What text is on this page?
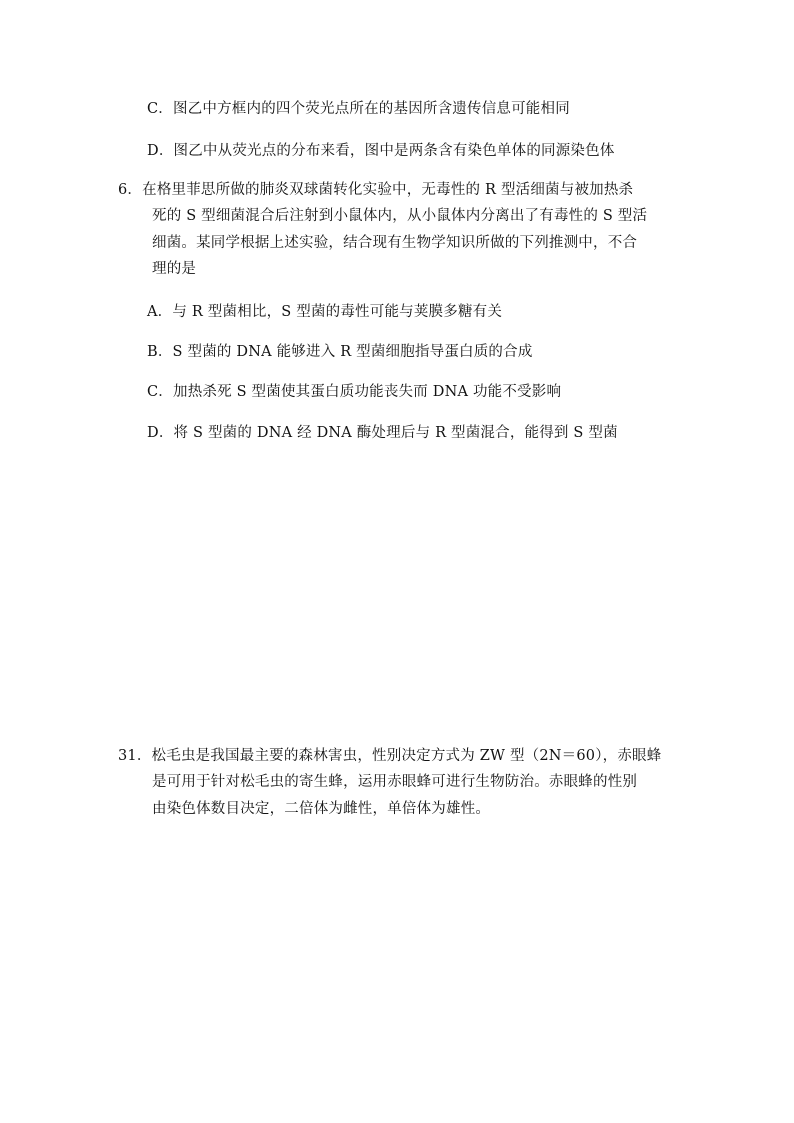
C．图乙中方框内的四个荧光点所在的基因所含遗传信息可能相同
D．图乙中从荧光点的分布来看，图中是两条含有染色单体的同源染色体
6．在格里菲思所做的肺炎双球菌转化实验中，无毒性的 R 型活细菌与被加热杀
死的 S 型细菌混合后注射到小鼠体内，从小鼠体内分离出了有毒性的 S 型活
细菌。某同学根据上述实验，结合现有生物学知识所做的下列推测中，不合
理的是
A．与 R 型菌相比，S 型菌的毒性可能与荚膜多糖有关
B．S 型菌的 DNA 能够进入 R 型菌细胞指导蛋白质的合成
C．加热杀死 S 型菌使其蛋白质功能丧失而 DNA 功能不受影响
D．将 S 型菌的 DNA 经 DNA 酶处理后与 R 型菌混合，能得到 S 型菌
31．松毛虫是我国最主要的森林害虫，性别决定方式为 ZW 型（2N＝60），赤眼蜂
是可用于针对松毛虫的寄生蜂，运用赤眼蜂可进行生物防治。赤眼蜂的性别
由染色体数目决定，二倍体为雌性，单倍体为雄性。
